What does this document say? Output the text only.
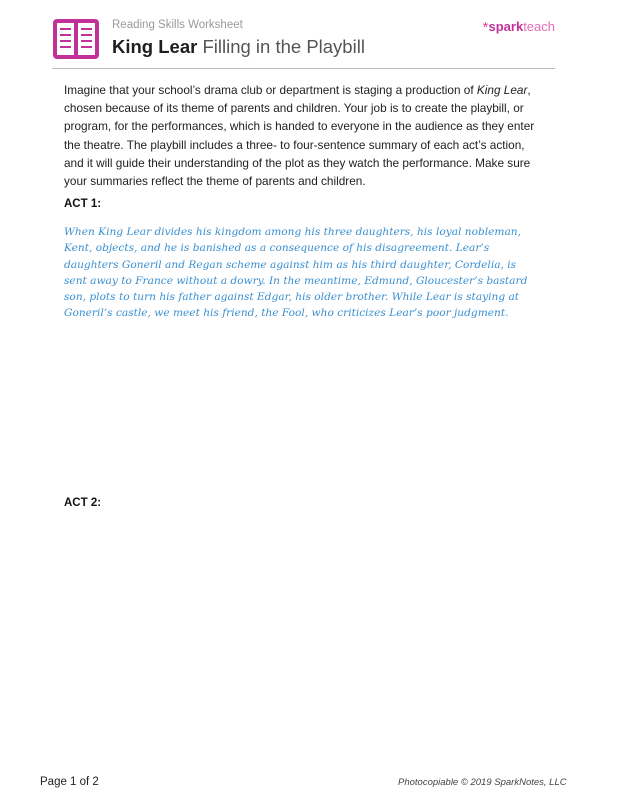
Reading Skills Worksheet
King Lear Filling in the Playbill
*sparkteach
Imagine that your school’s drama club or department is staging a production of King Lear, chosen because of its theme of parents and children. Your job is to create the playbill, or program, for the performances, which is handed to everyone in the audience as they enter the theatre. The playbill includes a three- to four-sentence summary of each act’s action, and it will guide their understanding of the plot as they watch the performance. Make sure your summaries reflect the theme of parents and children.
ACT 1:
When King Lear divides his kingdom among his three daughters, his loyal nobleman, Kent, objects, and he is banished as a consequence of his disagreement. Lear’s daughters Goneril and Regan scheme against him as his third daughter, Cordelia, is sent away to France without a dowry. In the meantime, Edmund, Gloucester’s bastard son, plots to turn his father against Edgar, his older brother. While Lear is staying at Goneril’s castle, we meet his friend, the Fool, who criticizes Lear’s poor judgment.
ACT 2:
Page 1 of 2	Photocopiable © 2019 SparkNotes, LLC
